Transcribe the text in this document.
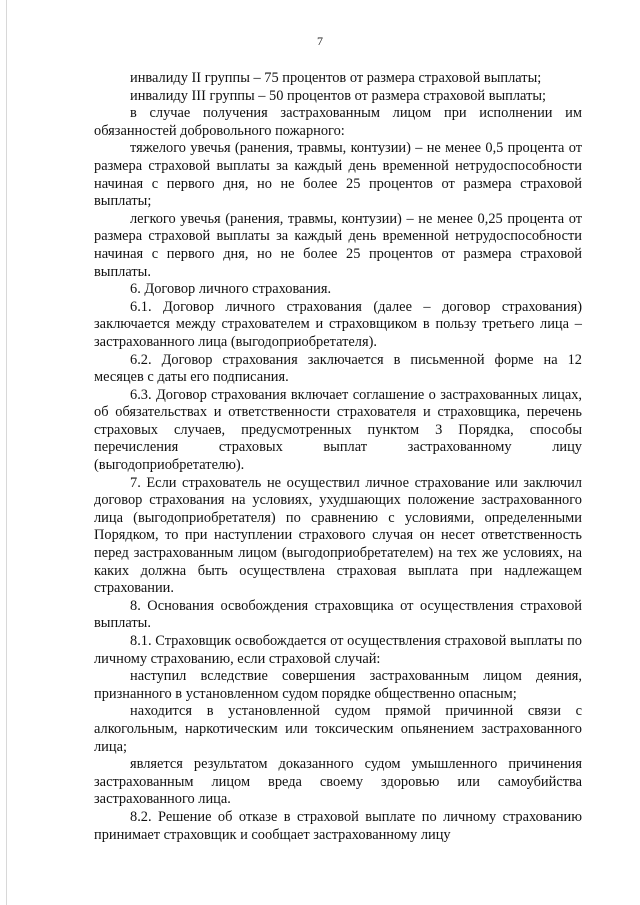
7

инвалиду II группы – 75 процентов от размера страховой выплаты;

инвалиду III группы – 50 процентов от размера страховой выплаты;

в случае получения застрахованным лицом при исполнении им обязанностей добровольного пожарного:

тяжелого увечья (ранения, травмы, контузии) – не менее 0,5 процента от размера страховой выплаты за каждый день временной нетрудоспособности начиная с первого дня, но не более 25 процентов от размера страховой выплаты;

легкого увечья (ранения, травмы, контузии) – не менее 0,25 процента от размера страховой выплаты за каждый день временной нетрудоспособности начиная с первого дня, но не более 25 процентов от размера страховой выплаты.

6. Договор личного страхования.

6.1. Договор личного страхования (далее – договор страхования) заключается между страхователем и страховщиком в пользу третьего лица – застрахованного лица (выгодоприобретателя).

6.2. Договор страхования заключается в письменной форме на 12 месяцев с даты его подписания.

6.3. Договор страхования включает соглашение о застрахованных лицах, об обязательствах и ответственности страхователя и страховщика, перечень страховых случаев, предусмотренных пунктом 3 Порядка, способы перечисления страховых выплат застрахованному лицу (выгодоприобретателю).

7. Если страхователь не осуществил личное страхование или заключил договор страхования на условиях, ухудшающих положение застрахованного лица (выгодоприобретателя) по сравнению с условиями, определенными Порядком, то при наступлении страхового случая он несет ответственность перед застрахованным лицом (выгодоприобретателем) на тех же условиях, на каких должна быть осуществлена страховая выплата при надлежащем страховании.

8. Основания освобождения страховщика от осуществления страховой выплаты.

8.1. Страховщик освобождается от осуществления страховой выплаты по личному страхованию, если страховой случай:

наступил вследствие совершения застрахованным лицом деяния, признанного в установленном судом порядке общественно опасным;

находится в установленной судом прямой причинной связи с алкогольным, наркотическим или токсическим опьянением застрахованного лица;

является результатом доказанного судом умышленного причинения застрахованным лицом вреда своему здоровью или самоубийства застрахованного лица.

8.2. Решение об отказе в страховой выплате по личному страхованию принимает страховщик и сообщает застрахованному лицу
